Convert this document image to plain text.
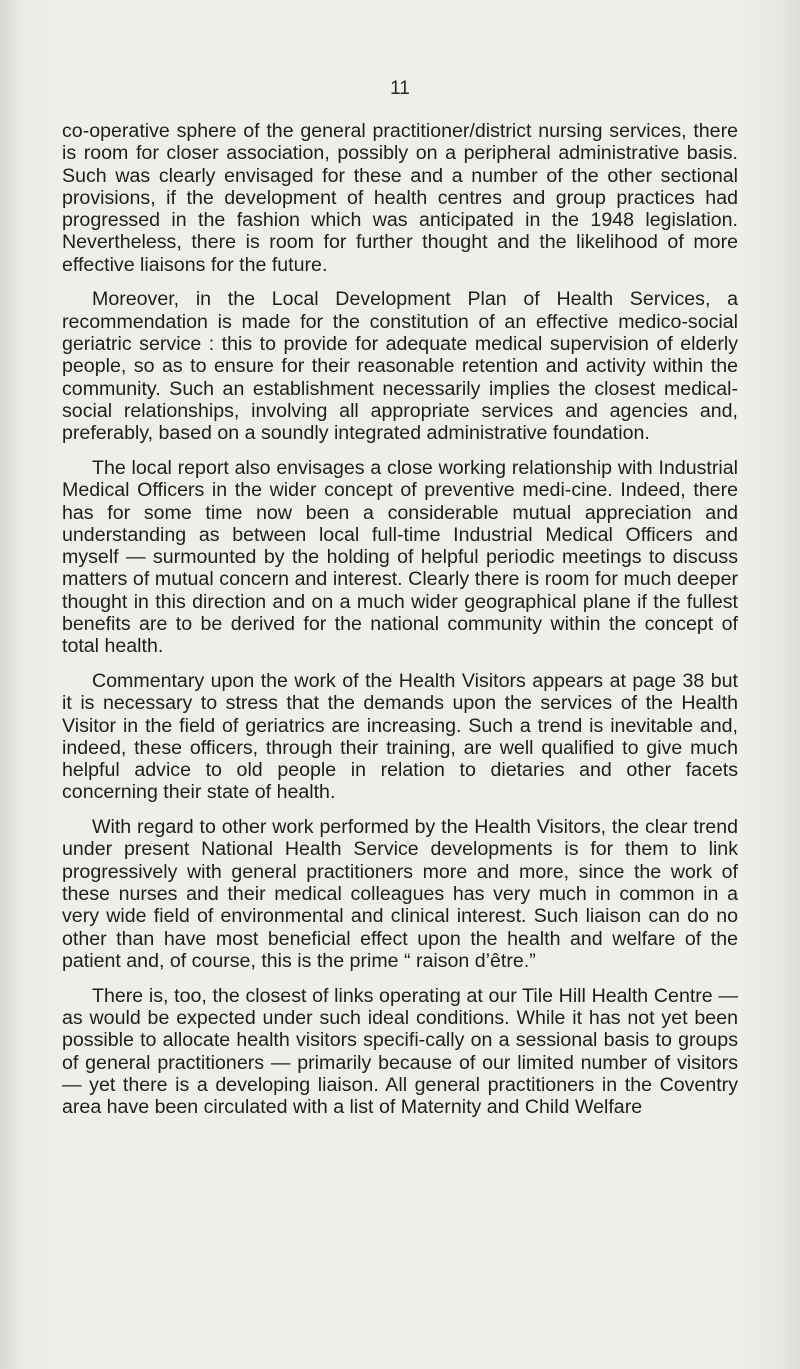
11

co-operative sphere of the general practitioner/district nursing services, there is room for closer association, possibly on a peripheral administrative basis. Such was clearly envisaged for these and a number of the other sectional provisions, if the development of health centres and group practices had progressed in the fashion which was anticipated in the 1948 legislation. Nevertheless, there is room for further thought and the likelihood of more effective liaisons for the future.

Moreover, in the Local Development Plan of Health Services, a recommendation is made for the constitution of an effective medico-social geriatric service : this to provide for adequate medical supervision of elderly people, so as to ensure for their reasonable retention and activity within the community. Such an establishment necessarily implies the closest medical-social relationships, involving all appropriate services and agencies and, preferably, based on a soundly integrated administrative foundation.

The local report also envisages a close working relationship with Industrial Medical Officers in the wider concept of preventive medi-cine. Indeed, there has for some time now been a considerable mutual appreciation and understanding as between local full-time Industrial Medical Officers and myself — surmounted by the holding of helpful periodic meetings to discuss matters of mutual concern and interest. Clearly there is room for much deeper thought in this direction and on a much wider geographical plane if the fullest benefits are to be derived for the national community within the concept of total health.

Commentary upon the work of the Health Visitors appears at page 38 but it is necessary to stress that the demands upon the services of the Health Visitor in the field of geriatrics are increasing. Such a trend is inevitable and, indeed, these officers, through their training, are well qualified to give much helpful advice to old people in relation to dietaries and other facets concerning their state of health.

With regard to other work performed by the Health Visitors, the clear trend under present National Health Service developments is for them to link progressively with general practitioners more and more, since the work of these nurses and their medical colleagues has very much in common in a very wide field of environmental and clinical interest. Such liaison can do no other than have most beneficial effect upon the health and welfare of the patient and, of course, this is the prime “ raison d’être.”

There is, too, the closest of links operating at our Tile Hill Health Centre — as would be expected under such ideal conditions. While it has not yet been possible to allocate health visitors specifi-cally on a sessional basis to groups of general practitioners — primarily because of our limited number of visitors — yet there is a developing liaison. All general practitioners in the Coventry area have been circulated with a list of Maternity and Child Welfare
